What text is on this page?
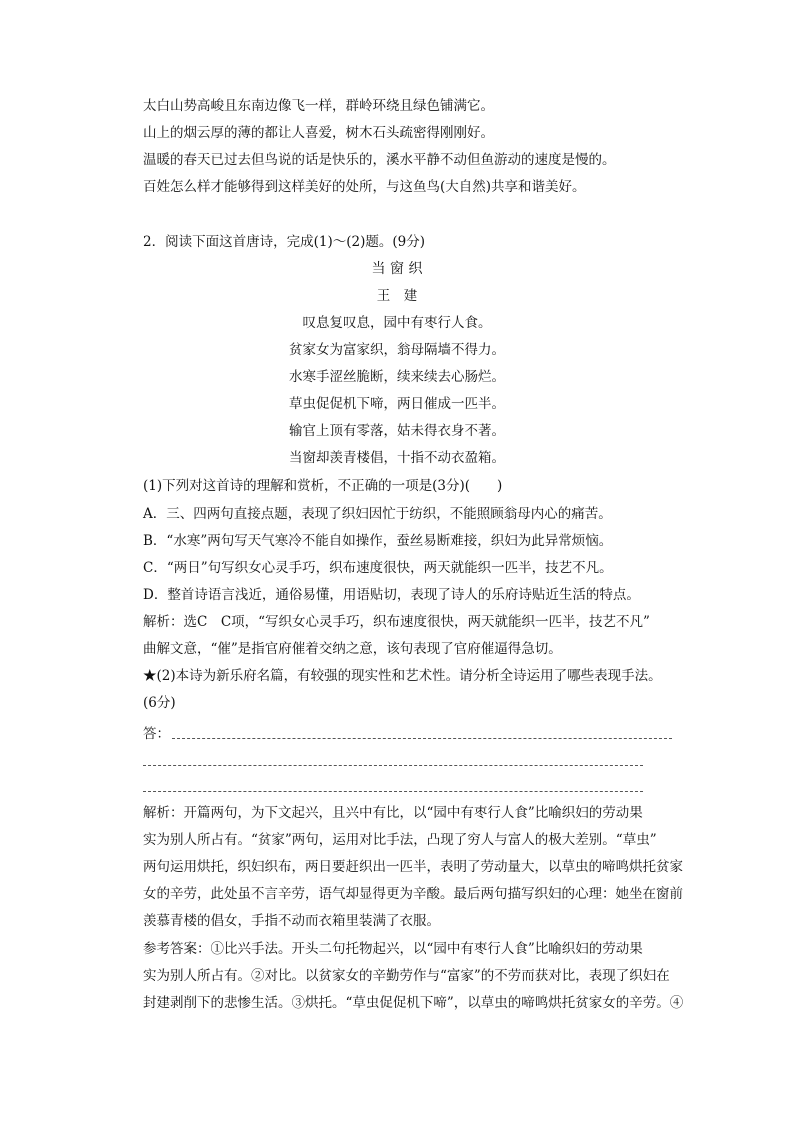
太白山势高峻且东南边像飞一样，群岭环绕且绿色铺满它。
山上的烟云厚的薄的都让人喜爱，树木石头疏密得刚刚好。
温暖的春天已过去但鸟说的话是快乐的，溪水平静不动但鱼游动的速度是慢的。
百姓怎么样才能够得到这样美好的处所，与这鱼鸟(大自然)共享和谐美好。
2．阅读下面这首唐诗，完成(1)～(2)题。(9分)
当 窗 织
王　建
叹息复叹息，园中有枣行人食。
贫家女为富家织，翁母隔墙不得力。
水寒手涩丝脆断，续来续去心肠烂。
草虫促促机下啼，两日催成一匹半。
输官上顶有零落，姑未得衣身不著。
当窗却羡青楼倡，十指不动衣盈箱。
(1)下列对这首诗的理解和赏析，不正确的一项是(3分)(　　)
A．三、四两句直接点题，表现了织妇因忙于纺织，不能照顾翁母内心的痛苦。
B．“水寒”两句写天气寒冷不能自如操作，蚕丝易断难接，织妇为此异常烦恼。
C．“两日”句写织女心灵手巧，织布速度很快，两天就能织一匹半，技艺不凡。
D．整首诗语言浅近，通俗易懂，用语贴切，表现了诗人的乐府诗贴近生活的特点。
解析：选C　C项，“写织女心灵手巧，织布速度很快，两天就能织一匹半，技艺不凡”
曲解文意，“催”是指官府催着交纳之意，该句表现了官府催逼得急切。
★(2)本诗为新乐府名篇，有较强的现实性和艺术性。请分析全诗运用了哪些表现手法。
(6分)
答：
解析：开篇两句，为下文起兴，且兴中有比，以“园中有枣行人食”比喻织妇的劳动果
实为别人所占有。“贫家”两句，运用对比手法，凸现了穷人与富人的极大差别。“草虫”
两句运用烘托，织妇织布，两日要赶织出一匹半，表明了劳动量大，以草虫的啼鸣烘托贫家
女的辛劳，此处虽不言辛劳，语气却显得更为辛酸。最后两句描写织妇的心理：她坐在窗前
羡慕青楼的倡女，手指不动而衣箱里装满了衣服。
参考答案：①比兴手法。开头二句托物起兴，以“园中有枣行人食”比喻织妇的劳动果
实为别人所占有。②对比。以贫家女的辛勤劳作与“富家”的不劳而获对比，表现了织妇在
封建剥削下的悲惨生活。③烘托。“草虫促促机下啼”，以草虫的啼鸣烘托贫家女的辛劳。④
